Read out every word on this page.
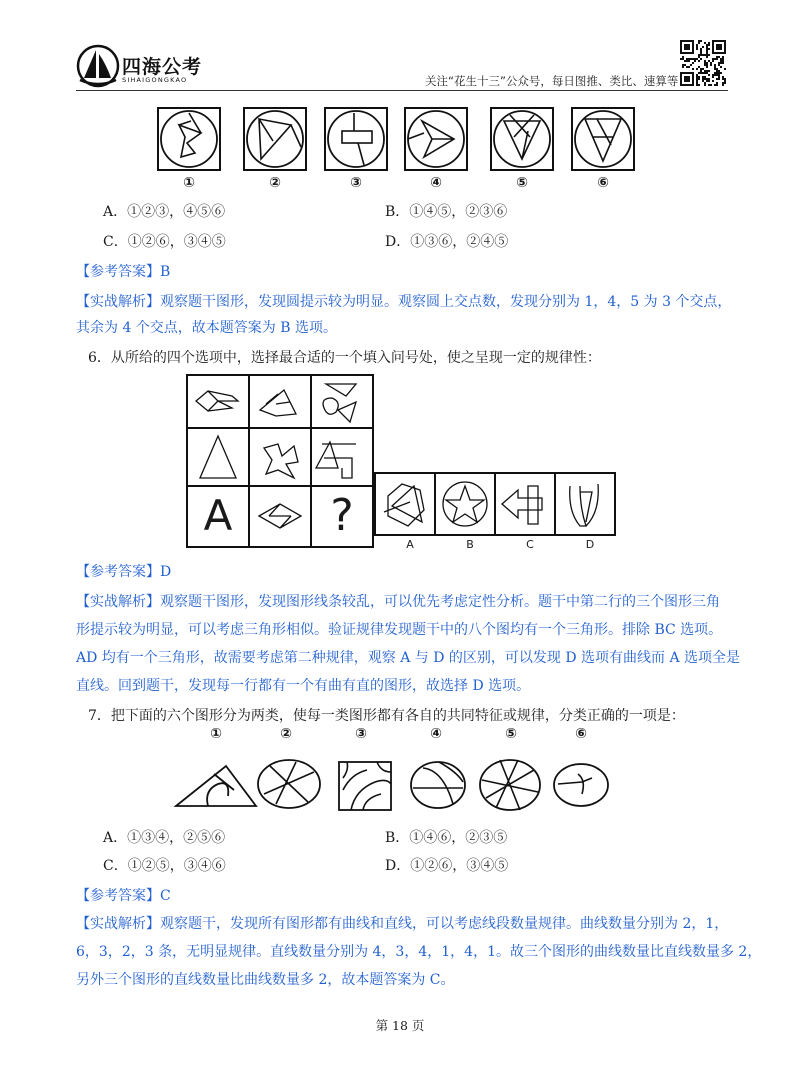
四海公考
SIHAIGONGKAO	关注“花生十三”公众号，每日图推、类比、速算等
①	②	③	④	⑤	⑥
A．①②③，④⑤⑥	B．①④⑤，②③⑥
C．①②⑥，③④⑤	D．①③⑥，②④⑤
【参考答案】B
【实战解析】观察题干图形，发现圆提示较为明显。观察圆上交点数，发现分别为 1，4，5 为 3 个交点，
其余为 4 个交点，故本题答案为 B 选项。
6．从所给的四个选项中，选择最合适的一个填入问号处，使之呈现一定的规律性：
A	?
A	B	C	D
【参考答案】D
【实战解析】观察题干图形，发现图形线条较乱，可以优先考虑定性分析。题干中第二行的三个图形三角
形提示较为明显，可以考虑三角形相似。验证规律发现题干中的八个图均有一个三角形。排除 BC 选项。
AD 均有一个三角形，故需要考虑第二种规律，观察 A 与 D 的区别，可以发现 D 选项有曲线而 A 选项全是
直线。回到题干，发现每一行都有一个有曲有直的图形，故选择 D 选项。
7．把下面的六个图形分为两类，使每一类图形都有各自的共同特征或规律，分类正确的一项是：
①	②	③	④	⑤	⑥
A．①③④，②⑤⑥	B．①④⑥，②③⑤
C．①②⑤，③④⑥	D．①②⑥，③④⑤
【参考答案】C
【实战解析】观察题干，发现所有图形都有曲线和直线，可以考虑线段数量规律。曲线数量分别为 2，1，
6，3，2，3 条，无明显规律。直线数量分别为 4，3，4，1，4，1。故三个图形的曲线数量比直线数量多 2，
另外三个图形的直线数量比曲线数量多 2，故本题答案为 C。
第 18 页
